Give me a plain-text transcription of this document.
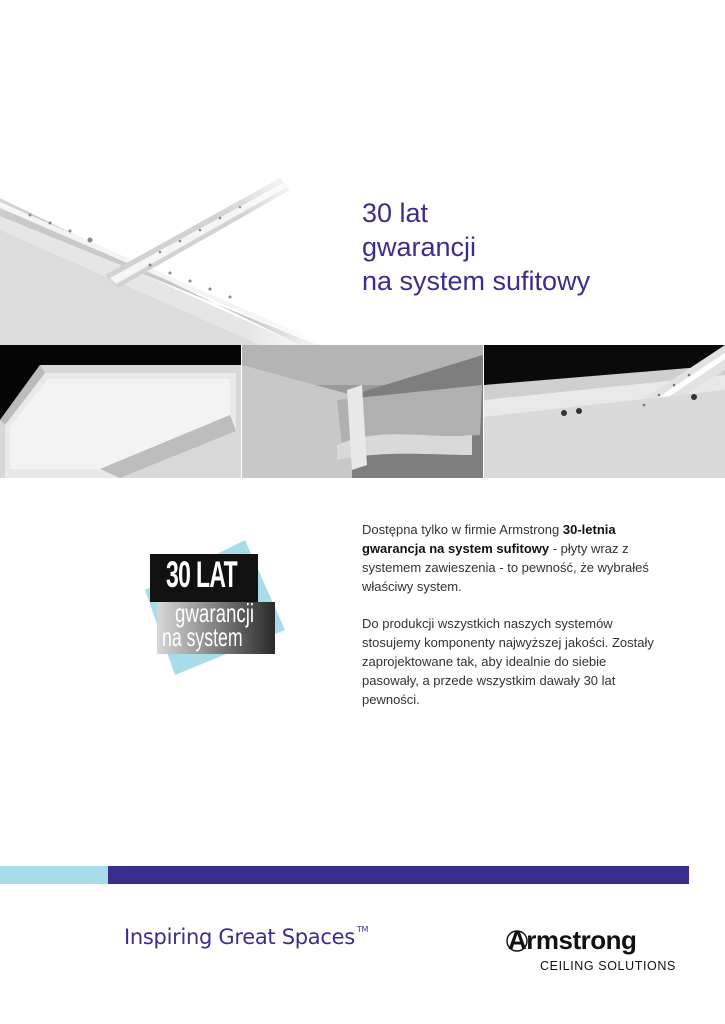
30 lat
gwarancji
na system sufitowy
30 LAT
gwarancji
na system

Dostępna tylko w firmie Armstrong 30-letnia gwarancja na system sufitowy - płyty wraz z systemem zawieszenia - to pewność, że wybrałeś właściwy system.

Do produkcji wszystkich naszych systemów stosujemy komponenty najwyższej jakości. Zostały zaprojektowane tak, aby idealnie do siebie pasowały, a przede wszystkim dawały 30 lat pewności.

Inspiring Great Spaces ™	Armstrong
CEILING SOLUTIONS
